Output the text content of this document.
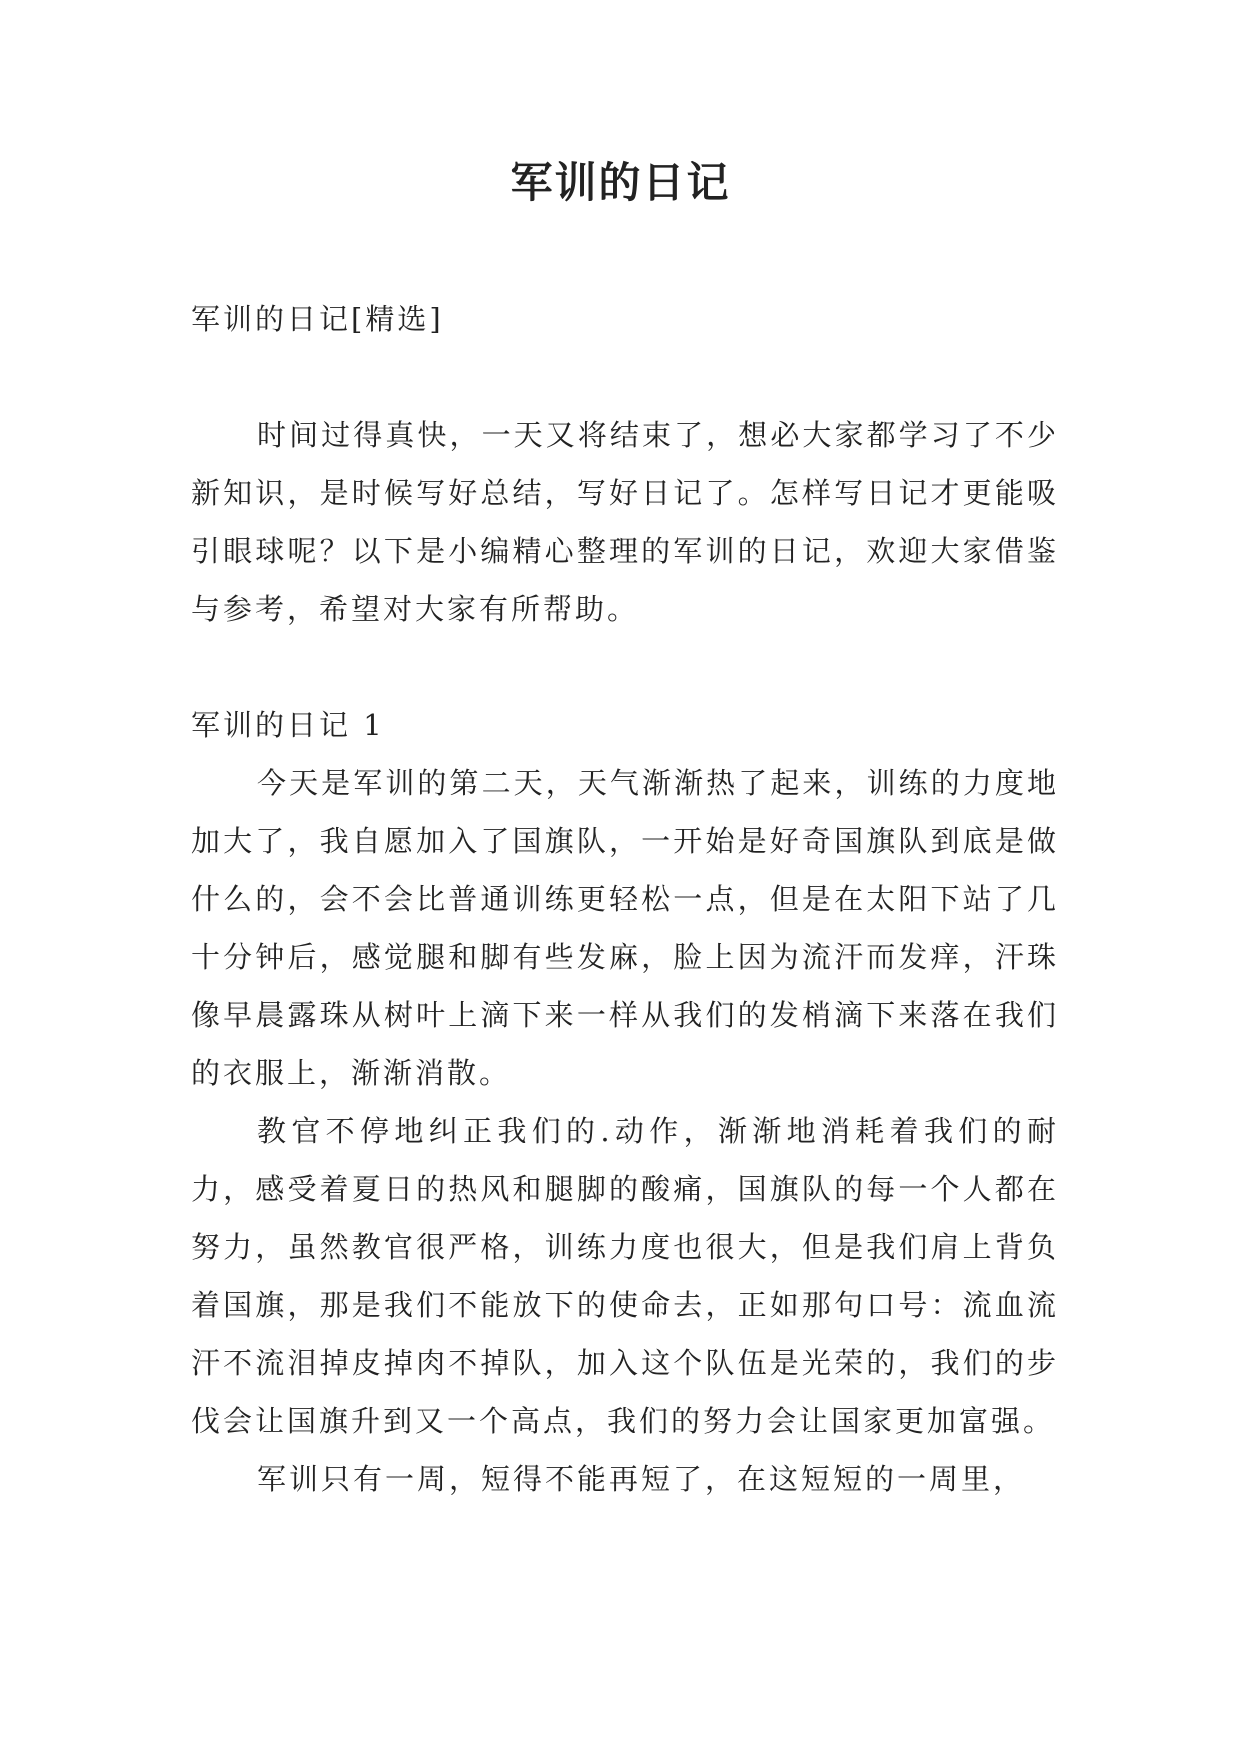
军训的日记

军训的日记[精选]

时间过得真快，一天又将结束了，想必大家都学习了不少新知识，是时候写好总结，写好日记了。怎样写日记才更能吸引眼球呢？以下是小编精心整理的军训的日记，欢迎大家借鉴与参考，希望对大家有所帮助。

军训的日记 1

今天是军训的第二天，天气渐渐热了起来，训练的力度地加大了，我自愿加入了国旗队，一开始是好奇国旗队到底是做什么的，会不会比普通训练更轻松一点，但是在太阳下站了几十分钟后，感觉腿和脚有些发麻，脸上因为流汗而发痒，汗珠像早晨露珠从树叶上滴下来一样从我们的发梢滴下来落在我们的衣服上，渐渐消散。

教官不停地纠正我们的.动作，渐渐地消耗着我们的耐力，感受着夏日的热风和腿脚的酸痛，国旗队的每一个人都在努力，虽然教官很严格，训练力度也很大，但是我们肩上背负着国旗，那是我们不能放下的使命去，正如那句口号：流血流汗不流泪掉皮掉肉不掉队，加入这个队伍是光荣的，我们的步伐会让国旗升到又一个高点，我们的努力会让国家更加富强。

军训只有一周，短得不能再短了，在这短短的一周里，
